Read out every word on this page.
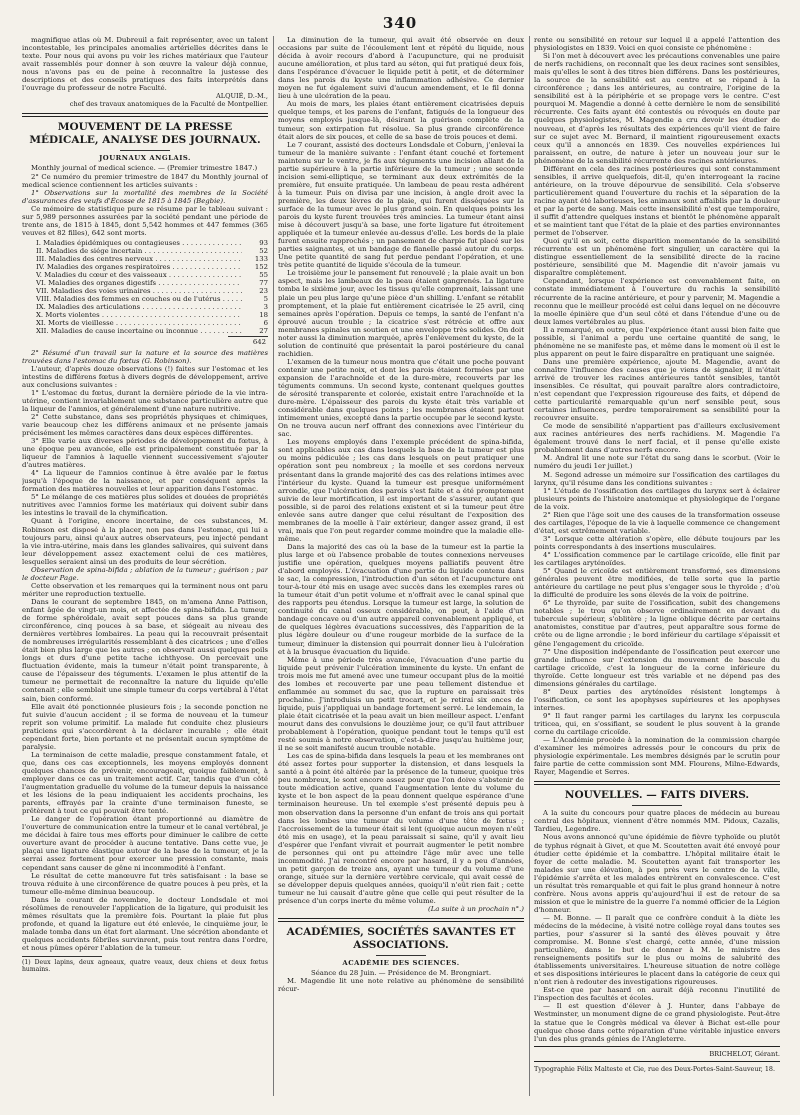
340

magnifique atlas où M. Dubreuil a fait représenter, avec un talent incontestable, les principales anomalies artérielles décrites dans le texte. Pour nous qui avons pu voir les riches matériaux que l'auteur avait rassemblés pour donner à son œuvre la valeur déjà connue, nous n'avons pas eu de peine à reconnaître la justesse des descriptions et des conseils pratiques des faits interprétés dans l'ouvrage du professeur de notre Faculté.

ALQUIÉ, D.-M.,

chef des travaux anatomiques de la Faculté de Montpellier.

MOUVEMENT DE LA PRESSE MÉDICALE, ANALYSE DES JOURNAUX.
JOURNAUX ANGLAIS.

Monthly journal of medical science. — (Premier trimestre 1847.)

2° Ce numéro du premier trimestre de 1847 du Monthly journal of medical science contiennent les articles suivants :

1° Observations sur la mortalité des membres de la Société d'assurances des veufs d'Écosse de 1815 à 1845 (Begbie).

Ce mémoire de statistique pure se résume par le tableau suivant : sur 5,989 personnes assurées par la société pendant une période de trente ans, de 1815 à 1845, dont 5,542 hommes et 447 femmes (365 veuves et 82 filles), 642 sont morts.

I. Maladies épidémiques ou contagieuses . . .	93
II. Maladies de siége incertain . . .	52
III. Maladies des centres nerveux . . .	133
IV. Maladies des organes respiratoires . . .	152
V. Maladies du cœur et des vaisseaux . . .	55
VI. Maladies des organes digestifs . . .	77
VII. Maladies des voies urinaires . . .	23
VIII. Maladies des femmes en couches ou de l'utérus . . .	5
IX. Maladies des articulations . . .	3
X. Morts violentes . . .	18
XI. Morts de vieillesse . . .	6
XII. Maladies de cause incertaine ou inconnue . . .	27
642

2° Résumé d'un travail sur la nature et la source des matières trouvées dans l'estomac du fœtus (G. Robinson).

L'auteur, d'après douze observations (!) faites sur l'estomac et les intestins de différens fœtus à divers degrés de développement, arrive aux conclusions suivantes :

1° L'estomac du fœtus, durant la dernière période de la vie intra-utérine, contient invariablement une substance particulière autre que la liqueur de l'amnios, et généralement d'une nature nutritive.

2° Cette substance, dans ses propriétés physiques et chimiques, varie beaucoup chez les différens animaux et ne présente jamais précisément les mêmes caractères dans deux espèces différentes.

3° Elle varie aux diverses périodes de développement du fœtus, à une époque peu avancée, elle est principalement constituée par la liqueur de l'amnios à laquelle viennent successivement s'ajouter d'autres matières.

4° La liqueur de l'amnios continue à être avalée par le fœtus jusqu'à l'époque de la naissance, et par conséquent après la formation des matières nouvelles et leur apparition dans l'estomac.

5° Le mélange de ces matières plus solides et douées de propriétés nutritives avec l'amnios forme les matériaux qui doivent subir dans les intestins le travail de la chymification.

Quant à l'origine, encore incertaine, de ces substances, M. Robinson est disposé à la placer, non pas dans l'estomac, qui lui a toujours paru, ainsi qu'aux autres observateurs, peu injecté pendant la vie intra-utérine, mais dans les glandes salivaires, qui suivent dans leur développement assez exactement celui de ces matières, lesquelles seraient ainsi un des produits de leur sécrétion.

Observation de spina-bifida ; ablation de la tumeur ; guérison ; par le docteur Page.

Cette observation et les remarques qui la terminent nous ont paru mériter une reproduction textuelle.

Dans le courant de septembre 1845, on m'amena Anne Pattison, enfant âgée de vingt-un mois, et affectée de spina-bifida. La tumeur, de forme sphéroïdale, avait sept pouces dans sa plus grande circonférence, cinq pouces à sa base, et siégeait au niveau des dernières vertèbres lombaires. La peau qui la recouvrait présentait de nombreuses irrégularités ressemblant à des cicatrices ; une d'elles était bien plus large que les autres ; on observait aussi quelques poils longs et durs d'une petite tache ichthyose. On percevait une fluctuation évidente, mais la tumeur n'était point transparente, à cause de l'épaisseur des téguments. L'examen le plus attentif de la tumeur ne permettait de reconnaître la nature du liquide qu'elle contenait ; elle semblait une simple tumeur du corps vertébral à l'état sain, bien conformé.

Elle avait été ponctionnée plusieurs fois ; la seconde ponction ne fut suivie d'aucun accident ; il se forma de nouveau et la tumeur reprit son volume primitif. La malade fut conduite chez plusieurs praticiens qui s'accordèrent à la déclarer incurable ; elle était cependant forte, bien portante et ne présentait aucun symptôme de paralysie.

La terminaison de cette maladie, presque constamment fatale, et que, dans ces cas exceptionnels, les moyens employés donnent quelques chances de prévenir, encourageait, quoique faiblement, à employer dans ce cas un traitement actif. Car, tandis que d'un côté l'augmentation graduelle du volume de la tumeur depuis la naissance et les lésions de la peau indiquaient les accidents prochains, les parents, effrayés par la crainte d'une terminaison funeste, se prêtèrent à tout ce qui pouvait être tenté.

Le danger de l'opération étant proportionné au diamètre de l'ouverture de communication entre la tumeur et le canal vertébral, je me décidai à faire tous mes efforts pour diminuer le calibre de cette ouverture avant de procéder à aucune tentative. Dans cette vue, je plaçai une ligature élastique autour de la base de la tumeur, et je la serrai assez fortement pour exercer une pression constante, mais cependant sans causer de gêne ni incommodité à l'enfant.

Le résultat de cette manœuvre fut très satisfaisant : la base se trouva réduite à une circonférence de quatre pouces à peu près, et la tumeur elle-même diminua beaucoup.

Dans le courant de novembre, le docteur Londsdale et moi résolûmes de renouveler l'application de la ligature, qui produisit les mêmes résultats que la première fois. Pourtant la plaie fut plus profonde, et quand la ligature eut été enlevée, le cinquième jour, le malade tomba dans un état fort alarmant. Une sécrétion abondante et quelques accidents fébriles survinrent, puis tout rentra dans l'ordre, et nous pûmes opérer l'ablation de la tumeur.

(1) Deux lapins, deux agneaux, quatre veaux, deux chiens et deux fœtus humains.

La diminution de la tumeur, qui avait été observée en deux occasions par suite de l'écoulement lent et répété du liquide, nous décida à avoir recours d'abord à l'acupuncture, qui ne produisit aucune amélioration, et plus tard au séton, qui fut pratiqué deux fois, dans l'espérance d'évacuer le liquide petit à petit, et de déterminer dans les parois du kyste une inflammation adhésive. Ce dernier moyen ne fut également suivi d'aucun amendement, et le fil donna lieu à une ulcération de la peau.

Au mois de mars, les plaies étant entièrement cicatrisées depuis quelque temps, et les parens de l'enfant, fatigués de la longueur des moyens employés jusque-là, désirant la guérison complète de la tumeur, son extirpation fut résolue. Sa plus grande circonférence était alors de six pouces, et celle de sa base de trois pouces et demi.

Le 7 courant, assisté des docteurs Londsdale et Coburn, j'enlevai la tumeur de la manière suivante : l'enfant étant couché et fortement maintenu sur le ventre, je fis aux téguments une incision allant de la partie supérieure à la partie inférieure de la tumeur ; une seconde incision semi-elliptique, se terminant aux deux extrémités de la première, fut ensuite pratiquée. Un lambeau de peau resta adhérent à la tumeur. Puis on divisa par une incision, à angle droit avec la première, les deux lèvres de la plaie, qui furent disséquées sur la surface de la tumeur avec le plus grand soin. En quelques points les parois du kyste furent trouvées très amincies. La tumeur étant ainsi mise à découvert jusqu'à sa base, une forte ligature fut étroitement appliquée et la tumeur enlevée au-dessus d'elle. Les bords de la plaie furent ensuite rapprochés ; un pansement de charpie fut placé sur les parties saignantes, et un bandage de flanelle passé autour du corps. Une petite quantité de sang fut perdue pendant l'opération, et une très petite quantité de liquide s'écoula de la tumeur.

Le troisième jour le pansement fut renouvelé ; la plaie avait un bon aspect, mais les lambeaux de la peau étaient gangrenés. La ligature tomba le sixième jour, avec les tissus qu'elle comprenait, laissant une plaie un peu plus large qu'une pièce d'un shilling. L'enfant se rétablit promptement, et la plaie fut entièrement cicatrisée le 25 avril, cinq semaines après l'opération. Depuis ce temps, la santé de l'enfant n'a éprouvé aucun trouble ; la cicatrice s'est rétrécie et offre aux membranes spinales un soutien et une enveloppe très solides. On doit noter aussi la diminution marquée, après l'enlèvement du kyste, de la solution de continuité que présentait la paroi postérieure du canal rachidien.

L'examen de la tumeur nous montra que c'était une poche pouvant contenir une petite noix, et dont les parois étaient formées par une expansion de l'arachnoïde et de la dure-mère, recouverts par les téguments communs. Un second kyste, contenant quelques gouttes de sérosité transparente et colorée, existait entre l'arachnoïde et la dure-mère. L'épaisseur des parois du kyste était très variable et considérable dans quelques points ; les membranes étaient partout intimement unies, excepté dans la partie occupée par le second kyste. On ne trouva aucun nerf offrant des connexions avec l'intérieur du sac.

Les moyens employés dans l'exemple précédent de spina-bifida, sont applicables aux cas dans lesquels la base de la tumeur est plus ou moins pédiculée ; les cas dans lesquels on peut pratiquer une opération sont peu nombreux ; la moelle et ses cordons nerveux présentant dans la grande majorité des cas des relations intimes avec l'intérieur du kyste. Quand la tumeur est presque uniformément arrondie, que l'ulcération des parois s'est faite et a été promptement suivie de leur mortification, il est important de s'assurer, autant que possible, si de paroi des relations existent et si la tumeur peut être enlevée sans autre danger que celui résultant de l'exposition des membranes de la moelle à l'air extérieur, danger assez grand, il est vrai, mais que l'on peut regarder comme moindre que la maladie elle-même.

Dans la majorité des cas où la base de la tumeur est la partie la plus large et où l'absence probable de toutes connexions nerveuses justifie une opération, quelques moyens palliatifs peuvent être d'abord employés. L'évacuation d'une partie du liquide contenu dans le sac, la compression, l'introduction d'un séton et l'acupuncture ont tour-à-tour été mis en usage avec succès dans les exemples rares où la tumeur était d'un petit volume et n'offrait avec le canal spinal que des rapports peu étendus. Lorsque la tumeur est large, la solution de continuité du canal osseux considérable, on peut, à l'aide d'un bandage concave ou d'un autre appareil convenablement appliqué, et de quelques légères évacuations successives, dès l'apparition de la plus légère douleur ou d'une rougeur morbide de la surface de la tumeur, diminuer la distension qui pourrait donner lieu à l'ulcération et à la brusque évacuation du liquide.

Même à une période très avancée, l'évacuation d'une partie du liquide peut prévenir l'ulcération imminente du kyste. Un enfant de trois mois me fut amené avec une tumeur occupant plus de la moitié des lombes et recouverte par une peau tellement distendue et enflammée au sommet du sac, que la rupture en paraissait très prochaine. J'introduisis un petit trocart, et je retirai six onces de liquide, puis j'appliquai un bandage fortement serré. Le lendemain, la plaie était cicatrisée et la peau avait un bien meilleur aspect. L'enfant mourut dans des convulsions le douzième jour, ce qu'il faut attribuer probablement à l'opération, quoique pendant tout le temps qu'il est resté soumis à notre observation, c'est-à-dire jusqu'au huitième jour, il ne se soit manifesté aucun trouble notable.

Les cas de spina-bifida dans lesquels la peau et les membranes ont été assez fortes pour supporter la distension, et dans lesquels la santé a à point été altérée par la présence de la tumeur, quoique très peu nombreux, le sont encore assez pour que l'on doive s'abstenir de toute médication active, quand l'augmentation lente du volume du kyste et le bon aspect de la peau donnent quelque espérance d'une terminaison heureuse. Un tel exemple s'est présenté depuis peu à mon observation dans la personne d'un enfant de trois ans qui portait dans les lombes une tumeur du volume d'une tête de fœtus ; l'accroissement de la tumeur était si lent (quoique aucun moyen n'eût été mis en usage), et la peau paraissait si saine, qu'il y avait lieu d'espérer que l'enfant vivrait et pourrait augmenter le petit nombre de personnes qui ont pu atteindre l'âge mûr avec une telle incommodité. J'ai rencontré encore par hasard, il y a peu d'années, un petit garçon de treize ans, ayant une tumeur du volume d'une orange, située sur la dernière vertèbre cervicale, qui avait cessé de se développer depuis quelques années, quoiqu'il n'eût rien fait ; cette tumeur ne lui causait d'autre gêne que celle qui peut résulter de la présence d'un corps inerte du même volume.

(La suite à un prochain n°.)

ACADÉMIES, SOCIÉTÉS SAVANTES ET ASSOCIATIONS.
ACADÉMIE DES SCIENCES.

Séance du 28 Juin. — Présidence de M. Brongniart.

M. Magendie lit une note relative au phénomène de sensibilité récur-

rente ou sensibilité en retour sur lequel il a appelé l'attention des physiologistes en 1839. Voici en quoi consiste ce phénomène :

Si l'on met à découvert avec les précautions convenables une paire de nerfs rachidiens, on reconnaît que les deux racines sont sensibles, mais qu'elles le sont à des titres bien différens. Dans les postérieures, la source de la sensibilité est au centre et se répand à la circonférence ; dans les antérieures, au contraire, l'origine de la sensibilité est à la périphérie et se propage vers le centre. C'est pourquoi M. Magendie a donné à cette dernière le nom de sensibilité récurrente. Ces faits ayant été contestés ou révoqués en doute par quelques physiologistes, M. Magendie a cru devoir les étudier de nouveau, et d'après les résultats des expériences qu'il vient de faire sur ce sujet avec M. Bernard, il maintient rigoureusement exacts ceux qu'il a annoncés en 1839. Ces nouvelles expériences lui paraissent, en outre, de nature à jeter un nouveau jour sur le phénomène de la sensibilité récurrente des racines antérieures.

Différant en cela des racines postérieures qui sont constamment sensibles, il arrive quelquefois, dit-il, qu'en interrogeant la racine antérieure, on la trouve dépourvue de sensibilité. Cela s'observe particulièrement quand l'ouverture du rachis et la séparation de la racine ayant été laborieuses, les animaux sont affaiblis par la douleur et par la perte de sang. Mais cette insensibilité n'est que temporaire, il suffit d'attendre quelques instans et bientôt le phénomène apparaît et se maintient tant que l'état de la plaie et des parties environnantes permet de l'observer.

Quoi qu'il en soit, cette disparition momentanée de la sensibilité récurrente est un phénomène fort singulier, un caractère qui la distingue essentiellement de la sensibilité directe de la racine postérieure, sensibilité que M. Magendie dit n'avoir jamais vu disparaître complètement.

Cependant, lorsque l'expérience est convenablement faite, on constate immédiatement à l'ouverture du rachis la sensibilité récurrente de la racine antérieure, et pour y parvenir, M. Magendie a reconnu que le meilleur procédé est celui dans lequel on ne découvre la moelle épinière que d'un seul côté et dans l'étendue d'une ou de deux lames vertébrales au plus.

Il a remarqué, en outre, que l'expérience étant aussi bien faite que possible, si l'animal a perdu une certaine quantité de sang, le phénomène ne se manifeste pas, et même dans le moment où il est le plus apparent on peut le faire disparaître en pratiquant une saignée.

Dans une première expérience, ajoute M. Magendie, avant de connaître l'influence des causes que je viens de signaler, il m'était arrivé de trouver les racines antérieures tantôt sensibles, tantôt insensibles. Ce résultat, qui pouvait paraître alors contradictoire, n'est cependant que l'expression rigoureuse des faits, et dépend de cette particularité remarquable qu'un nerf sensible peut, sous certaines influences, perdre temporairement sa sensibilité pour la recouvrer ensuite.

Ce mode de sensibilité n'appartient pas d'ailleurs exclusivement aux racines antérieures des nerfs rachidiens. M. Magendie l'a également trouvé dans le nerf facial, et il pense qu'elle existe probablement dans d'autres nerfs encore.

M. Andral lit une note sur l'état du sang dans le scorbut. (Voir le numéro du jeudi 1er juillet.)

M. Segond adresse un mémoire sur l'ossification des cartilages du larynx, qu'il résume dans les conditions suivantes :

1° L'étude de l'ossification des cartilages du larynx sert à éclairer plusieurs points de l'histoire anatomique et physiologique de l'organe de la voix.

2° Rien que l'âge soit une des causes de la transformation osseuse des cartilages, l'époque de la vie à laquelle commence ce changement d'état, est extrêmement variable.

3° Lorsque cette altération s'opère, elle débute toujours par les points correspondants à des insertions musculaires.

4° L'ossification commence par le cartilage cricoïde, elle finit par les cartilages aryténoïdes.

5° Quand le cricoïde est entièrement transformé, ses dimensions générales peuvent être modifiées, de telle sorte que la partie antérieure du cartilage ne peut plus s'engager sous le thyroïde ; d'où la difficulté de produire les sons élevés de la voix de poitrine.

6° Le thyroïde, par suite de l'ossification, subit des changemens notables ; le trou qu'on observe ordinairement en devant du tubercule supérieur, s'oblitère ; la ligne oblique décrite par certains anatomistes, constitue par d'autres, peut apparaître sous forme de crête ou de ligne arrondie ; le bord inférieur du cartilage s'épaissit et gêne l'engagement du cricoïde.

7° Une disposition indépendante de l'ossification peut exercer une grande influence sur l'extension du mouvement de bascule du cartilage cricoïde, c'est la longueur de la corne inférieure du thyroïde. Cette longueur est très variable et ne dépend pas des dimensions générales du cartilage.

8° Deux parties des aryténoïdes résistent longtemps à l'ossification, ce sont les apophyses supérieures et les apophyses internes.

9° Il faut ranger parmi les cartilages du larynx les corpuscula triticea, qui, en s'ossifiant, se soudent le plus souvent à la grande corne du cartilage cricoïde.

— L'Académie procède à la nomination de la commission chargée d'examiner les mémoires adressés pour le concours du prix de physiologie expérimentale. Les membres désignés par le scrutin pour faire partie de cette commission sont MM. Flourens, Milne-Edwards, Rayer, Magendie et Serres.

NOUVELLES. — FAITS DIVERS.

A la suite du concours pour quatre places de médecin au bureau central des hôpitaux, viennent d'être nommés MM. Pidoux, Cazalis, Tardieu, Legendre.

Nous avons annoncé qu'une épidémie de fièvre typhoïde ou plutôt de typhus régnait à Givet, et que M. Scoutetten avait été envoyé pour étudier cette épidémie et la combattre. L'hôpital militaire était le foyer de cette maladie. M. Scoutetten ayant fait transporter les malades sur une élévation, à peu près vers le centre de la ville, l'épidémie s'arrêta et les malades entrèrent en convalescence. C'est un résultat très remarquable et qui fait le plus grand honneur à notre confrère. Nous avons appris qu'aujourd'hui il est de retour de sa mission et que le ministre de la guerre l'a nommé officier de la Légion d'honneur.

— M. Bonne. — Il paraît que ce confrère conduit à la diète les médecins de la médecine, à visité notre collège royal dans toutes ses parties, pour s'assurer si la santé des élèves pouvait y être compromise. M. Bonne s'est chargé, cette année, d'une mission particulière, dans le but de donner à M. le ministre des renseignements positifs sur le plus ou moins de salubrité des établissements universitaires. L'heureuse situation de notre collège et ses dispositions intérieures le placent dans la catégorie de ceux qui n'ont rien à redouter des investigations rigoureuses.

Est-ce que par hasard on aurait déjà reconnu l'inutilité de l'inspection des facultés et écoles.

— Il est question d'élever à J. Hunter, dans l'abbaye de Westminster, un monument digne de ce grand physiologiste. Peut-être la statue que le Congrès médical va élever à Bichat est-elle pour quelque chose dans cette réparation d'une véritable injustice envers l'un des plus grands génies de l'Angleterre.

BRICHELOT, Gérant.

Typographie Félix Malteste et Cie, rue des Deux-Portes-Saint-Sauveur, 18.
